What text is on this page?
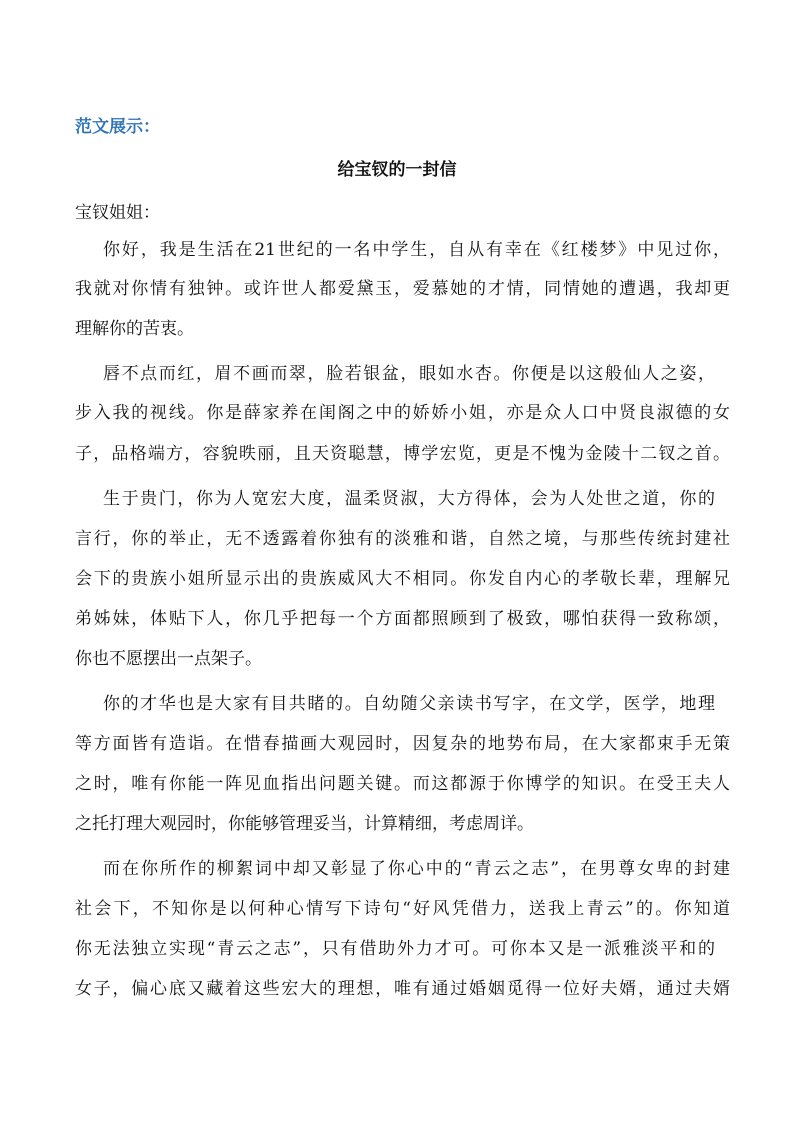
范文展示：
给宝钗的一封信
宝钗姐姐：
你好，我是生活在21世纪的一名中学生，自从有幸在《红楼梦》中见过你，
我就对你情有独钟。或许世人都爱黛玉，爱慕她的才情，同情她的遭遇，我却更
理解你的苦衷。
唇不点而红，眉不画而翠，脸若银盆，眼如水杏。你便是以这般仙人之姿，
步入我的视线。你是薛家养在闺阁之中的娇娇小姐，亦是众人口中贤良淑德的女
子，品格端方，容貌昳丽，且天资聪慧，博学宏览，更是不愧为金陵十二钗之首。
生于贵门，你为人宽宏大度，温柔贤淑，大方得体，会为人处世之道，你的
言行，你的举止，无不透露着你独有的淡雅和谐，自然之境，与那些传统封建社
会下的贵族小姐所显示出的贵族威风大不相同。你发自内心的孝敬长辈，理解兄
弟姊妹，体贴下人，你几乎把每一个方面都照顾到了极致，哪怕获得一致称颂，
你也不愿摆出一点架子。
你的才华也是大家有目共睹的。自幼随父亲读书写字，在文学，医学，地理
等方面皆有造诣。在惜春描画大观园时，因复杂的地势布局，在大家都束手无策
之时，唯有你能一阵见血指出问题关键。而这都源于你博学的知识。在受王夫人
之托打理大观园时，你能够管理妥当，计算精细，考虑周详。
而在你所作的柳絮词中却又彰显了你心中的“青云之志”，在男尊女卑的封建
社会下，不知你是以何种心情写下诗句“好风凭借力，送我上青云”的。你知道
你无法独立实现“青云之志”，只有借助外力才可。可你本又是一派雅淡平和的
女子，偏心底又藏着这些宏大的理想，唯有通过婚姻觅得一位好夫婿，通过夫婿
